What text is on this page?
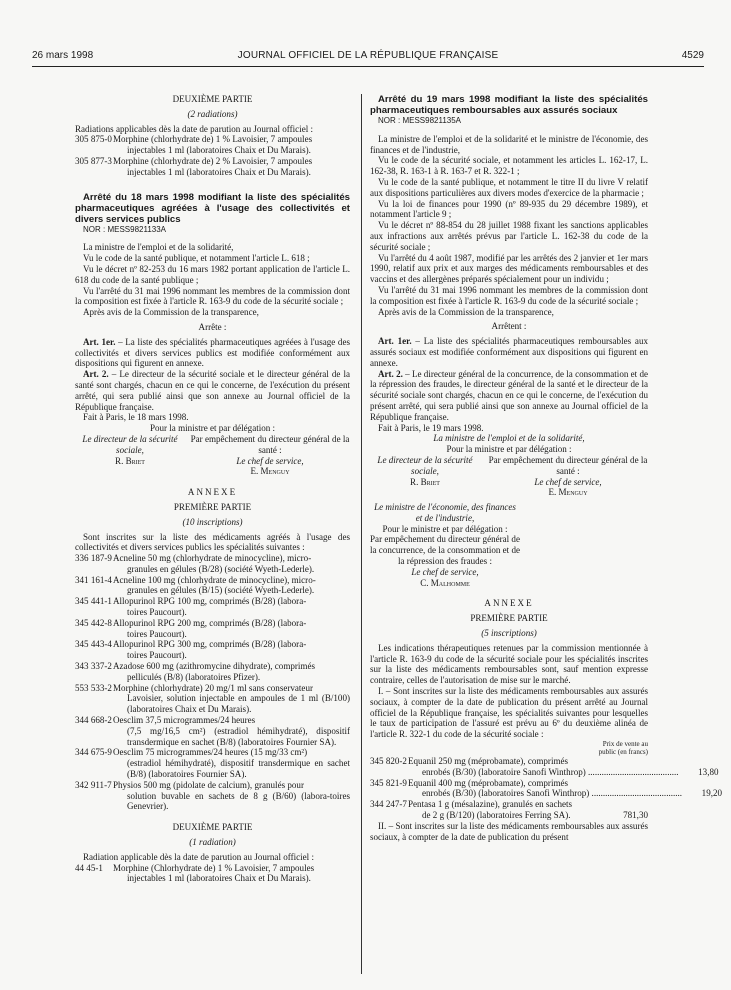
26 mars 1998	JOURNAL OFFICIEL DE LA RÉPUBLIQUE FRANÇAISE	4529
DEUXIÈME PARTIE
(2 radiations)

Radiations applicables dès la date de parution au Journal officiel :

305 875-0 Morphine (chlorhydrate de) 1 % Lavoisier, 7 ampoules
injectables 1 ml (laboratoires Chaix et Du Marais).
305 877-3 Morphine (chlorhydrate de) 2 % Lavoisier, 7 ampoules
injectables 1 ml (laboratoires Chaix et Du Marais).

Arrêté du 18 mars 1998 modifiant la liste des spécialités pharmaceutiques agréées à l'usage des collectivités et divers services publics

NOR : MESS9821133A

La ministre de l'emploi et de la solidarité,

Vu le code de la santé publique, et notamment l'article L. 618 ;

Vu le décret nº 82-253 du 16 mars 1982 portant application de l'article L. 618 du code de la santé publique ;

Vu l'arrêté du 31 mai 1996 nommant les membres de la commission dont la composition est fixée à l'article R. 163-9 du code de la sécurité sociale ;

Après avis de la Commission de la transparence,

Arrête :

Art. 1er. – La liste des spécialités pharmaceutiques agréées à l'usage des collectivités et divers services publics est modifiée conformément aux dispositions qui figurent en annexe.

Art. 2. – Le directeur de la sécurité sociale et le directeur général de la santé sont chargés, chacun en ce qui le concerne, de l'exécution du présent arrêté, qui sera publié ainsi que son annexe au Journal officiel de la République française.

Fait à Paris, le 18 mars 1998.

Pour la ministre et par délégation :
Le directeur de la sécurité sociale,
R. Briet
Par empêchement du directeur général de la santé :
Le chef de service,
E. Menguy
ANNEXE
PREMIÈRE PARTIE
(10 inscriptions)

Sont inscrites sur la liste des médicaments agréés à l'usage des collectivités et divers services publics les spécialités suivantes :

336 187-9 Acneline 50 mg (chlorhydrate de minocycline), micro-
granules en gélules (B/28) (société Wyeth-Lederle).
341 161-4 Acneline 100 mg (chlorhydrate de minocycline), micro-
granules en gélules (B/15) (société Wyeth-Lederle).
345 441-1 Allopurinol RPG 100 mg, comprimés (B/28) (labora-
toires Paucourt).
345 442-8 Allopurinol RPG 200 mg, comprimés (B/28) (labora-
toires Paucourt).
345 443-4 Allopurinol RPG 300 mg, comprimés (B/28) (labora-
toires Paucourt).
343 337-2 Azadose 600 mg (azithromycine dihydrate), comprimés
pelliculés (B/8) (laboratoires Pfizer).
553 533-2 Morphine (chlorhydrate) 20 mg/1 ml sans conservateur
Lavoisier, solution injectable en ampoules de 1 ml (B/100) (laboratoires Chaix et Du Marais).
344 668-2 Oesclim 37,5 microgrammes/24 heures
(7,5 mg/16,5 cm²) (estradiol hémihydraté), dispositif transdermique en sachet (B/8) (laboratoires Fournier SA).
344 675-9 Oesclim 75 microgrammes/24 heures (15 mg/33 cm²)
(estradiol hémihydraté), dispositif transdermique en sachet (B/8) (laboratoires Fournier SA).
342 911-7 Physios 500 mg (pidolate de calcium), granulés pour
solution buvable en sachets de 8 g (B/60) (labora-toires Genevrier).
DEUXIÈME PARTIE
(1 radiation)

Radiation applicable dès la date de parution au Journal officiel :

44 45-1	Morphine (Chlorhydrate de) 1 % Lavoisier, 7 ampoules
injectables 1 ml (laboratoires Chaix et Du Marais).

Arrêté du 19 mars 1998 modifiant la liste des spécialités pharmaceutiques remboursables aux assurés sociaux

NOR : MESS9821135A

La ministre de l'emploi et de la solidarité et le ministre de l'économie, des finances et de l'industrie,

Vu le code de la sécurité sociale, et notamment les articles L. 162-17, L. 162-38, R. 163-1 à R. 163-7 et R. 322-1 ;

Vu le code de la santé publique, et notamment le titre II du livre V relatif aux dispositions particulières aux divers modes d'exercice de la pharmacie ;

Vu la loi de finances pour 1990 (nº 89-935 du 29 décembre 1989), et notamment l'article 9 ;

Vu le décret nº 88-854 du 28 juillet 1988 fixant les sanctions applicables aux infractions aux arrêtés prévus par l'article L. 162-38 du code de la sécurité sociale ;

Vu l'arrêté du 4 août 1987, modifié par les arrêtés des 2 janvier et 1er mars 1990, relatif aux prix et aux marges des médicaments remboursables et des vaccins et des allergènes préparés spécialement pour un individu ;

Vu l'arrêté du 31 mai 1996 nommant les membres de la commission dont la composition est fixée à l'article R. 163-9 du code de la sécurité sociale ;

Après avis de la Commission de la transparence,

Arrêtent :

Art. 1er. – La liste des spécialités pharmaceutiques remboursables aux assurés sociaux est modifiée conformément aux dispositions qui figurent en annexe.

Art. 2. – Le directeur général de la concurrence, de la consommation et de la répression des fraudes, le directeur général de la santé et le directeur de la sécurité sociale sont chargés, chacun en ce qui le concerne, de l'exécution du présent arrêté, qui sera publié ainsi que son annexe au Journal officiel de la République française.

Fait à Paris, le 19 mars 1998.

La ministre de l'emploi et de la solidarité,
Pour la ministre et par délégation :
Le directeur de la sécurité sociale,
R. Briet
Par empêchement du directeur général de la santé :
Le chef de service,
E. Menguy
Le ministre de l'économie, des finances et de l'industrie,
Pour le ministre et par délégation :
Par empêchement du directeur général de la concurrence, de la consommation et de la répression des fraudes :
Le chef de service,
C. Malhomme
ANNEXE
PREMIÈRE PARTIE
(5 inscriptions)

Les indications thérapeutiques retenues par la commission mentionnée à l'article R. 163-9 du code de la sécurité sociale pour les spécialités inscrites sur la liste des médicaments remboursables sont, sauf mention expresse contraire, celles de l'autorisation de mise sur le marché.

I. – Sont inscrites sur la liste des médicaments remboursables aux assurés sociaux, à compter de la date de publication du présent arrêté au Journal officiel de la République française, les spécialités suivantes pour lesquelles le taux de participation de l'assuré est prévu au 6º du deuxième alinéa de l'article R. 322-1 du code de la sécurité sociale :

Prix de vente au public (en francs)
345 820-2 Equanil 250 mg (méprobamate), comprimés
enrobés (B/30) (laboratoire Sanofi Winthrop) ........................................	13,80
345 821-9 Equanil 400 mg (méprobamate), comprimés
enrobés (B/30) (laboratoires Sanofi Winthrop) ........................................	19,20
344 247-7 Pentasa 1 g (mésalazine), granulés en sachets
de 2 g (B/120) (laboratoires Ferring SA).	781,30

II. – Sont inscrites sur la liste des médicaments remboursables aux assurés sociaux, à compter de la date de publication du présent
